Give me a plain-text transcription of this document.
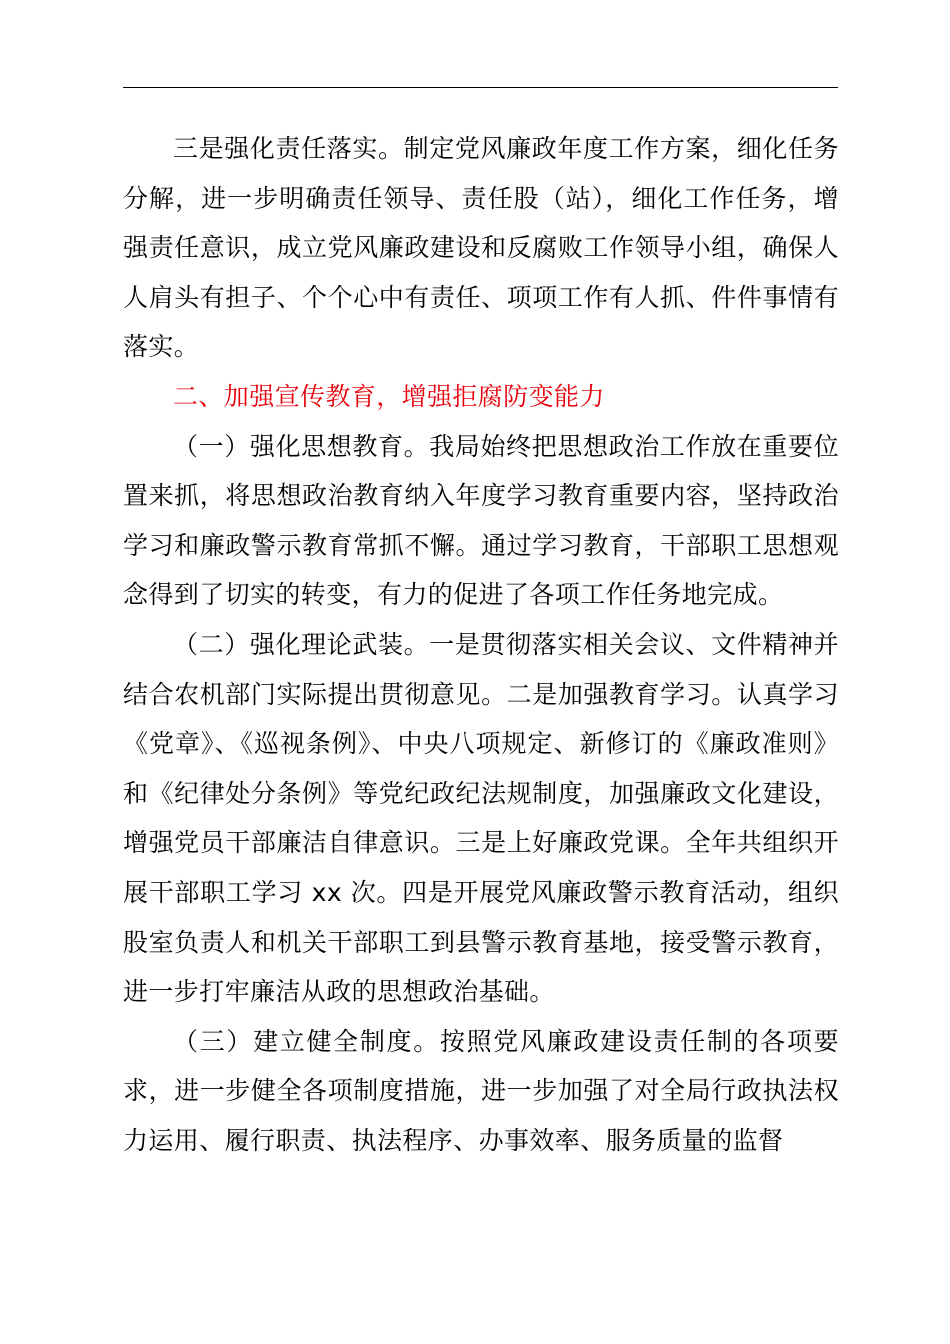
三是强化责任落实。制定党风廉政年度工作方案，细化任务分解，进一步明确责任领导、责任股（站），细化工作任务，增强责任意识，成立党风廉政建设和反腐败工作领导小组，确保人人肩头有担子、个个心中有责任、项项工作有人抓、件件事情有落实。

二、加强宣传教育，增强拒腐防变能力

（一）强化思想教育。我局始终把思想政治工作放在重要位置来抓，将思想政治教育纳入年度学习教育重要内容，坚持政治学习和廉政警示教育常抓不懈。通过学习教育，干部职工思想观念得到了切实的转变，有力的促进了各项工作任务地完成。

（二）强化理论武装。一是贯彻落实相关会议、文件精神并结合农机部门实际提出贯彻意见。二是加强教育学习。认真学习《党章》、《巡视条例》、中央八项规定、新修订的《廉政准则》和《纪律处分条例》等党纪政纪法规制度，加强廉政文化建设，增强党员干部廉洁自律意识。三是上好廉政党课。全年共组织开展干部职工学习 xx 次。四是开展党风廉政警示教育活动，组织股室负责人和机关干部职工到县警示教育基地，接受警示教育，进一步打牢廉洁从政的思想政治基础。

（三）建立健全制度。按照党风廉政建设责任制的各项要求，进一步健全各项制度措施，进一步加强了对全局行政执法权力运用、履行职责、执法程序、办事效率、服务质量的监督
